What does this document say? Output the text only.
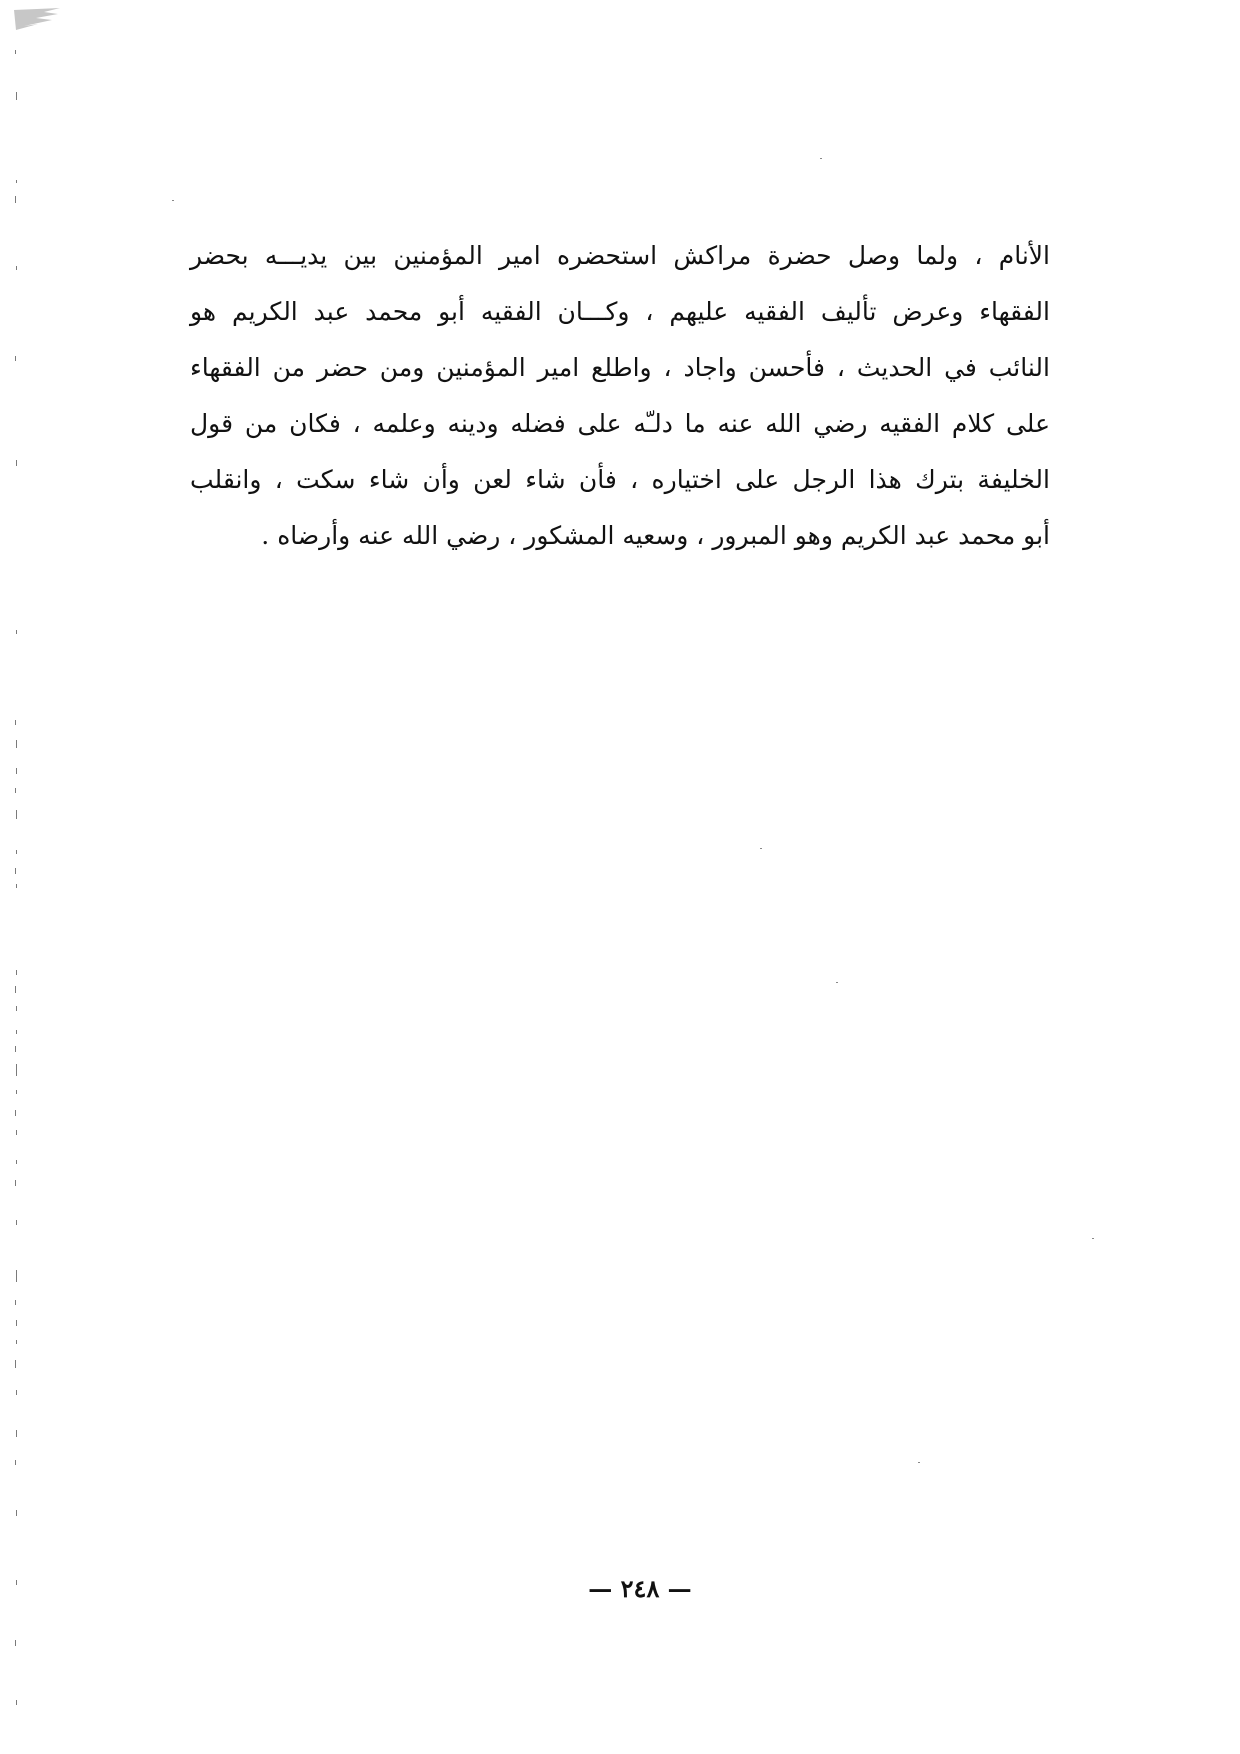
الأنام ، ولما وصل حضرة مراكش استحضره امير المؤمنين بين يديـــه بحضر
الفقهاء وعرض تأليف الفقيه عليهم ، وكـــان الفقيه أبو محمد عبد الكريم هو
النائب في الحديث ، فأحسن واجاد ، واطلع امير المؤمنين ومن حضر من الفقهاء
على كلام الفقيه رضي الله عنه ما دلـّه على فضله ودينه وعلمه ، فكان من قول
الخليفة بترك هذا الرجل على اختياره ، فأن شاء لعن وأن شاء سكت ، وانقلب
أبو محمد عبد الكريم وهو المبرور ، وسعيه المشكور ، رضي الله عنه وأرضاه .
— ٢٤٨ —
